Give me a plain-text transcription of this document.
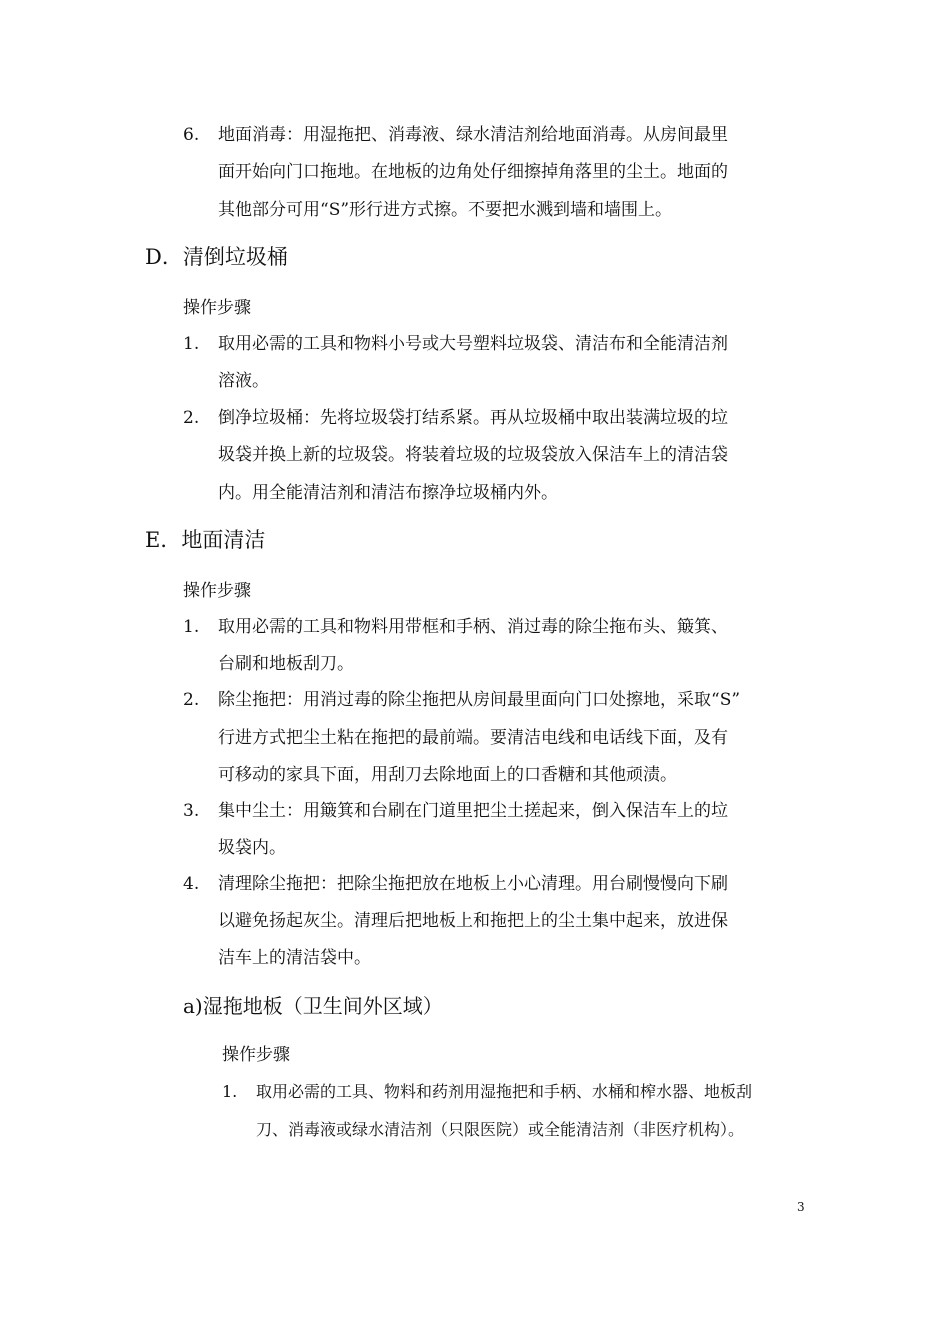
6. 地面消毒：用湿拖把、消毒液、绿水清洁剂给地面消毒。从房间最里
面开始向门口拖地。在地板的边角处仔细擦掉角落里的尘土。地面的
其他部分可用“S”形行进方式擦。不要把水溅到墙和墙围上。
D．清倒垃圾桶
操作步骤
1. 取用必需的工具和物料小号或大号塑料垃圾袋、清洁布和全能清洁剂
溶液。
2. 倒净垃圾桶：先将垃圾袋打结系紧。再从垃圾桶中取出装满垃圾的垃
圾袋并换上新的垃圾袋。将装着垃圾的垃圾袋放入保洁车上的清洁袋
内。用全能清洁剂和清洁布擦净垃圾桶内外。
E．地面清洁
操作步骤
1. 取用必需的工具和物料用带框和手柄、消过毒的除尘拖布头、簸箕、
台刷和地板刮刀。
2. 除尘拖把：用消过毒的除尘拖把从房间最里面向门口处擦地，采取“S”
行进方式把尘土粘在拖把的最前端。要清洁电线和电话线下面，及有
可移动的家具下面，用刮刀去除地面上的口香糖和其他顽渍。
3. 集中尘土：用簸箕和台刷在门道里把尘土搓起来，倒入保洁车上的垃
圾袋内。
4. 清理除尘拖把：把除尘拖把放在地板上小心清理。用台刷慢慢向下刷
以避免扬起灰尘。清理后把地板上和拖把上的尘土集中起来，放进保
洁车上的清洁袋中。
a)湿拖地板（卫生间外区域）
操作步骤
1. 取用必需的工具、物料和药剂用湿拖把和手柄、水桶和榨水器、地板刮
刀、消毒液或绿水清洁剂（只限医院）或全能清洁剂（非医疗机构）。
3
